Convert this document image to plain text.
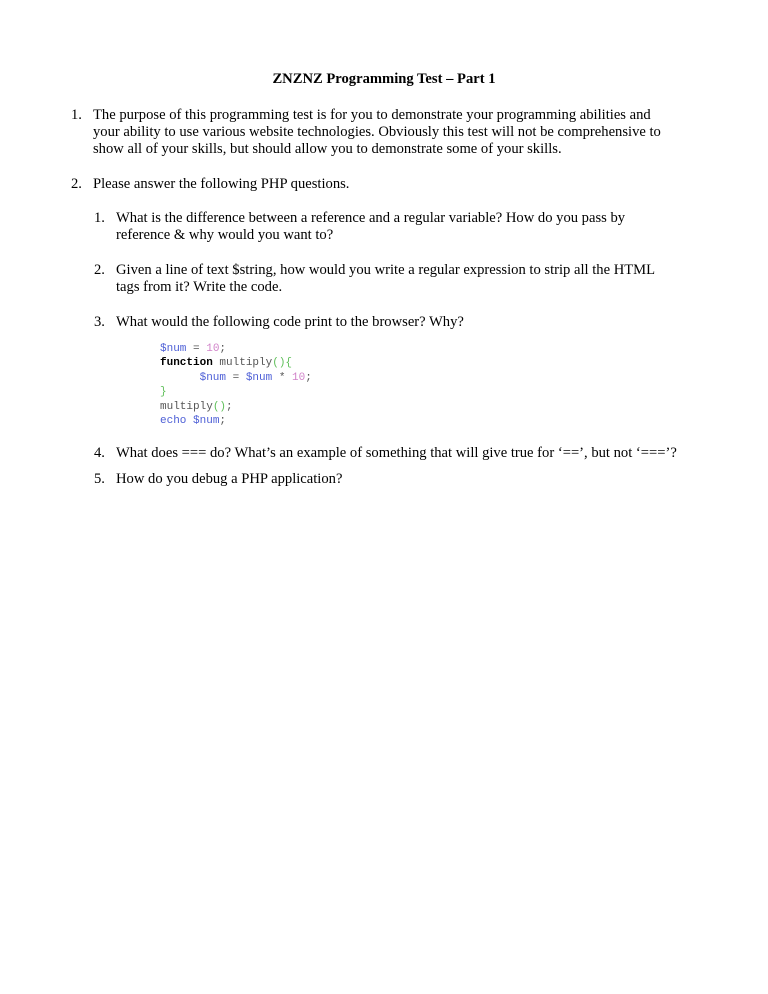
ZNZNZ Programming Test – Part 1
1. The purpose of this programming test is for you to demonstrate your programming abilities and
your ability to use various website technologies. Obviously this test will not be comprehensive to
show all of your skills, but should allow you to demonstrate some of your skills.
2. Please answer the following PHP questions.
1. What is the difference between a reference and a regular variable? How do you pass by
reference & why would you want to?
2. Given a line of text $string, how would you write a regular expression to strip all the HTML
tags from it? Write the code.
3. What would the following code print to the browser? Why?
$num = 10;
function multiply(){
$num = $num * 10;
}
multiply();
echo $num;
4. What does === do? What’s an example of something that will give true for ‘==’, but not ‘===’?
5. How do you debug a PHP application?
